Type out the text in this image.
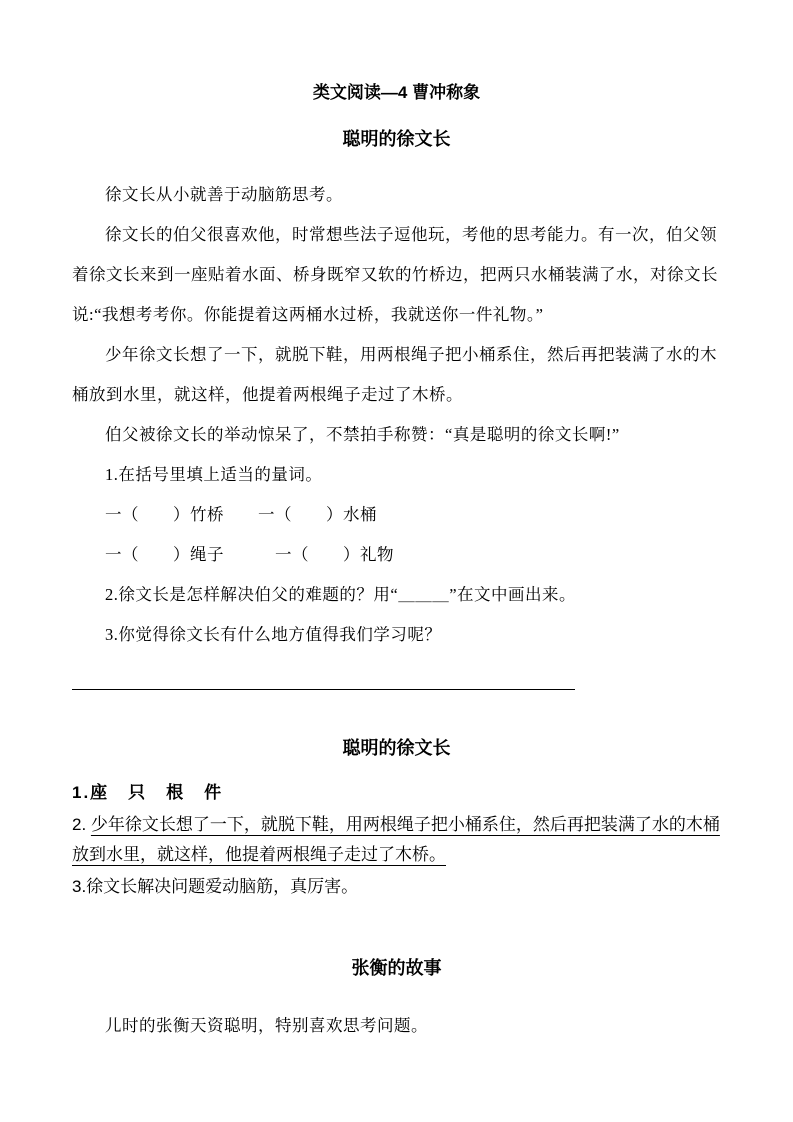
类文阅读—4 曹冲称象
聪明的徐文长

徐文长从小就善于动脑筋思考。

徐文长的伯父很喜欢他，时常想些法子逗他玩，考他的思考能力。有一次，伯父领着徐文长来到一座贴着水面、桥身既窄又软的竹桥边，把两只水桶装满了水，对徐文长说:“我想考考你。你能提着这两桶水过桥，我就送你一件礼物。”

少年徐文长想了一下，就脱下鞋，用两根绳子把小桶系住，然后再把装满了水的木桶放到水里，就这样，他提着两根绳子走过了木桥。

伯父被徐文长的举动惊呆了，不禁拍手称赞：“真是聪明的徐文长啊!”

1.在括号里填上适当的量词。

一（　　）竹桥　　一（　　）水桶

一（　　）绳子　　　一（　　）礼物

2.徐文长是怎样解决伯父的难题的？用“＿＿＿”在文中画出来。

3.你觉得徐文长有什么地方值得我们学习呢？

聪明的徐文长

1.座　只　根　件

2. 少年徐文长想了一下，就脱下鞋，用两根绳子把小桶系住，然后再把装满了水的木桶放到水里，就这样，他提着两根绳子走过了木桥。

3.徐文长解决问题爱动脑筋，真厉害。

张衡的故事

儿时的张衡天资聪明，特别喜欢思考问题。
